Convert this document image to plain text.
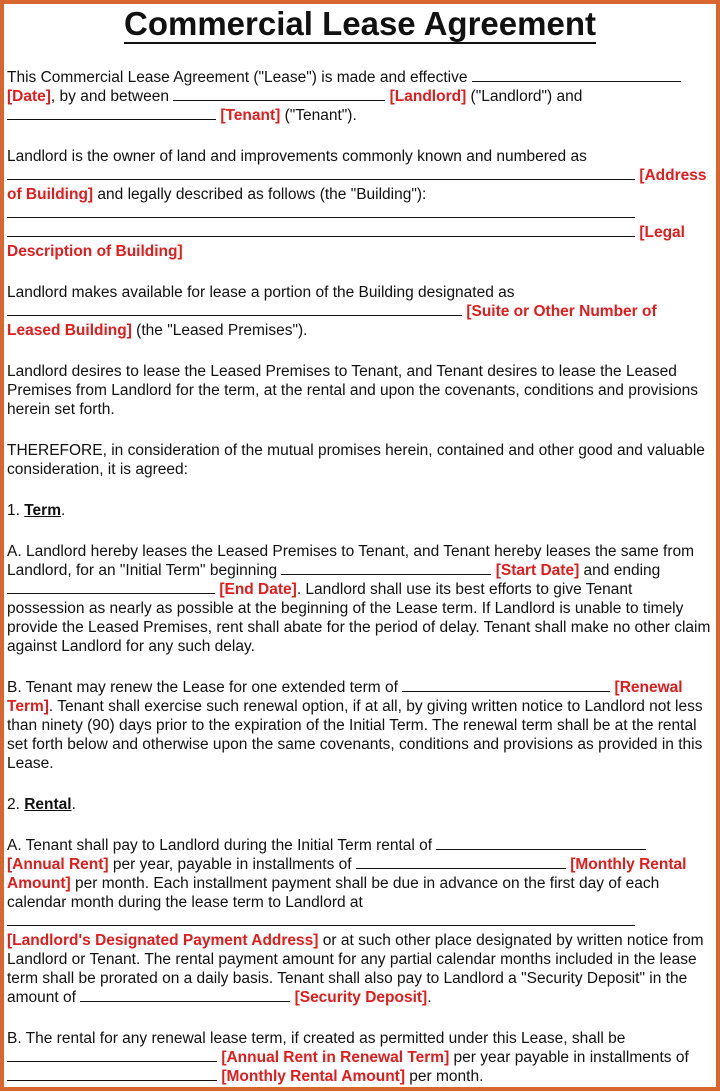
Commercial Lease Agreement

This Commercial Lease Agreement ("Lease") is made and effective
[Date], by and between	[Landlord] ("Landlord") and
[Tenant] ("Tenant").

Landlord is the owner of land and improvements commonly known and numbered as
[Address
of Building] and legally described as follows (the "Building"):

[Legal
Description of Building]

Landlord makes available for lease a portion of the Building designated as
[Suite or Other Number of
Leased Building] (the "Leased Premises").

Landlord desires to lease the Leased Premises to Tenant, and Tenant desires to lease the Leased Premises from Landlord for the term, at the rental and upon the covenants, conditions and provisions herein set forth.

THEREFORE, in consideration of the mutual promises herein, contained and other good and valuable consideration, it is agreed:

1. Term.

A. Landlord hereby leases the Leased Premises to Tenant, and Tenant hereby leases the same from Landlord, for an "Initial Term" beginning	[Start Date] and ending  [End Date]. Landlord shall use its best efforts to give Tenant possession as nearly as possible at the beginning of the Lease term. If Landlord is unable to timely provide the Leased Premises, rent shall abate for the period of delay. Tenant shall make no other claim against Landlord for any such delay.

B. Tenant may renew the Lease for one extended term of	[Renewal Term]. Tenant shall exercise such renewal option, if at all, by giving written notice to Landlord not less than ninety (90) days prior to the expiration of the Initial Term. The renewal term shall be at the rental set forth below and otherwise upon the same covenants, conditions and provisions as provided in this Lease.

2. Rental.

A. Tenant shall pay to Landlord during the Initial Term rental of
[Annual Rent] per year, payable in installments of	[Monthly Rental Amount] per month. Each installment payment shall be due in advance on the first day of each calendar month during the lease term to Landlord at

[Landlord's Designated Payment Address] or at such other place designated by written notice from Landlord or Tenant. The rental payment amount for any partial calendar months included in the lease term shall be prorated on a daily basis. Tenant shall also pay to Landlord a "Security Deposit" in the amount of	[Security Deposit].

B. The rental for any renewal lease term, if created as permitted under this Lease, shall be
[Annual Rent in Renewal Term] per year payable in installments of  [Monthly Rental Amount] per month.
